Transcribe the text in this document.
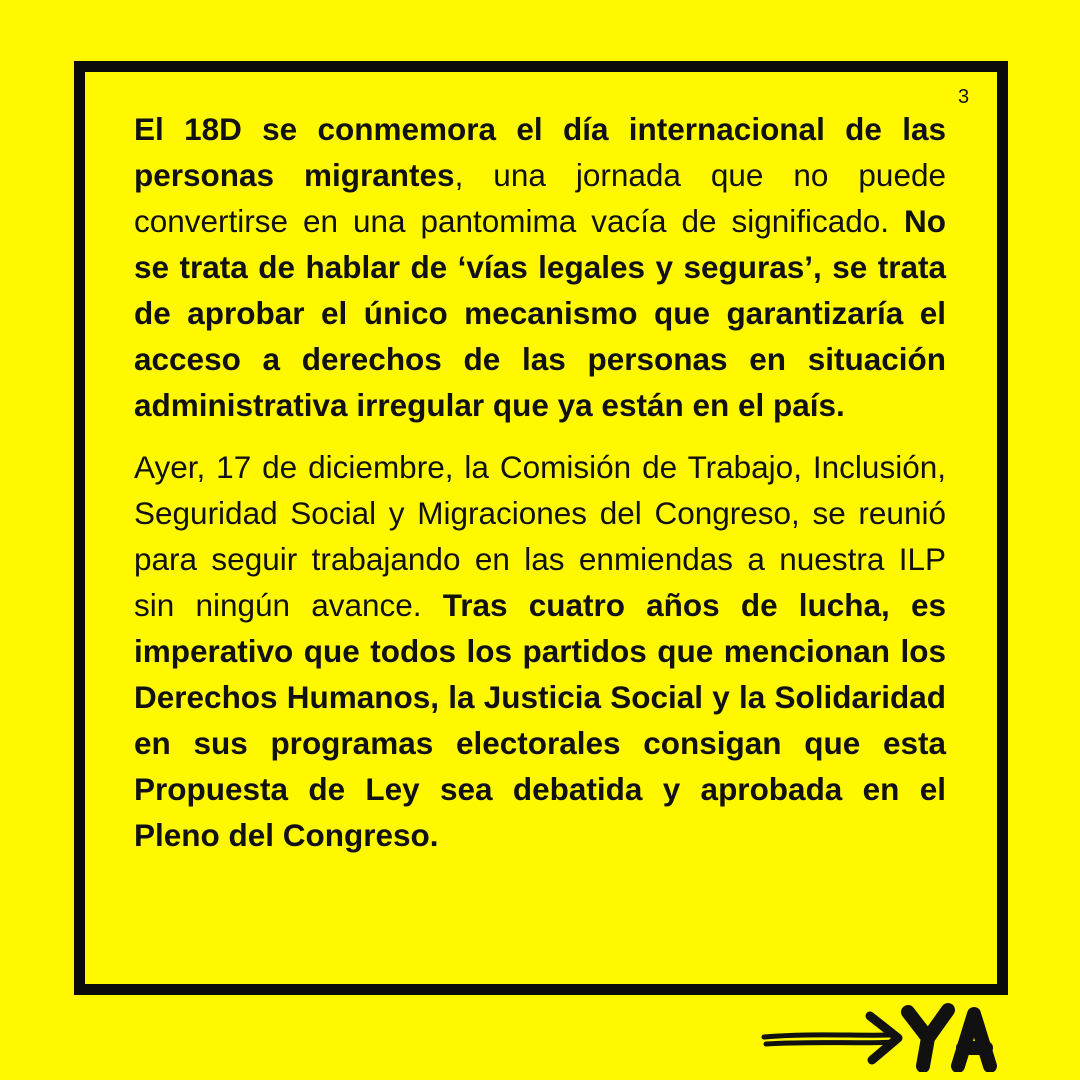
3

El 18D se conmemora el día internacional de las personas migrantes, una jornada que no puede convertirse en una pantomima vacía de significado. No se trata de hablar de ‘vías legales y seguras’, se trata de aprobar el único mecanismo que garantizaría el acceso a derechos de las personas en situación administrativa irregular que ya están en el país.

Ayer, 17 de diciembre, la Comisión de Trabajo, Inclusión, Seguridad Social y Migraciones del Congreso, se reunió para seguir trabajando en las enmiendas a nuestra ILP sin ningún avance. Tras cuatro años de lucha, es imperativo que todos los partidos que mencionan los Derechos Humanos, la Justicia Social y la Solidaridad en sus programas electorales consigan que esta Propuesta de Ley sea debatida y aprobada en el Pleno del Congreso.
